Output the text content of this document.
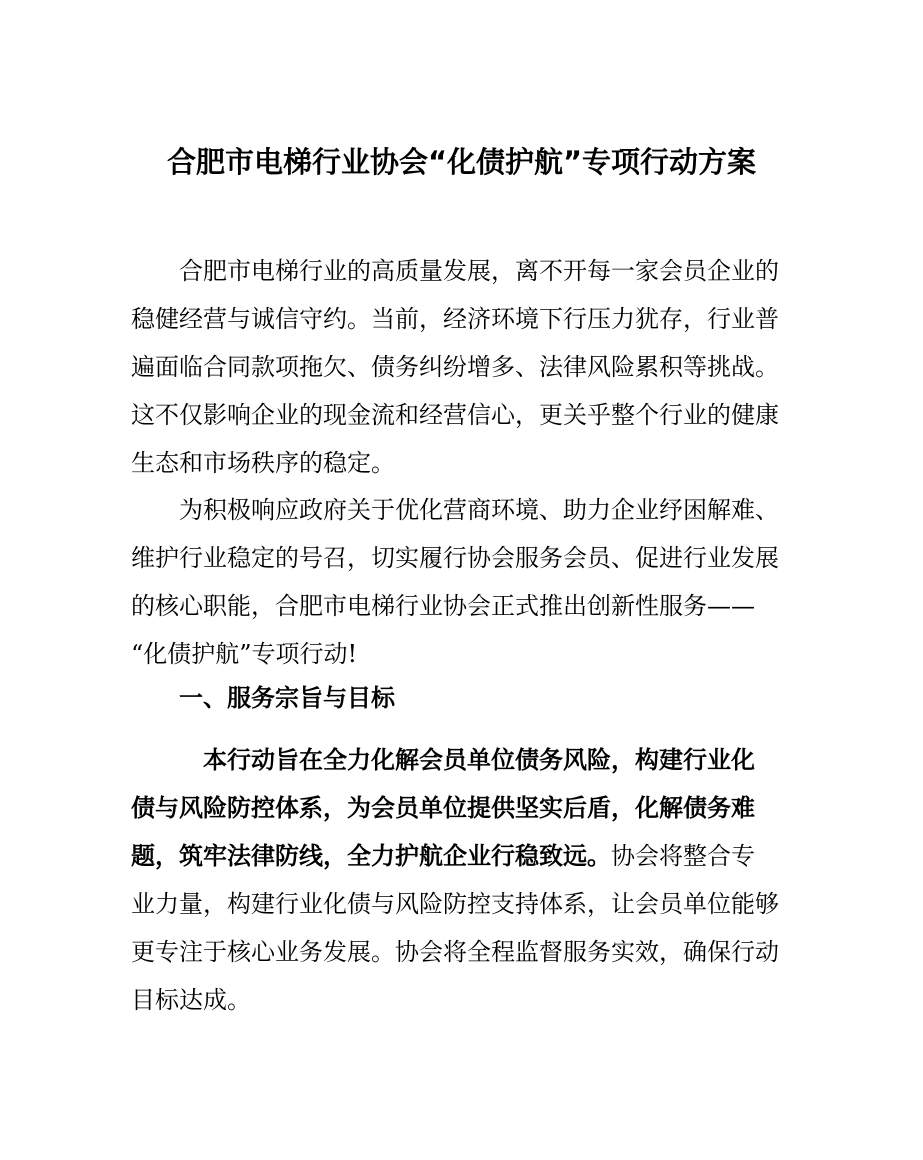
合肥市电梯行业协会“化债护航”专项行动方案
合肥市电梯行业的高质量发展，离不开每一家会员企业的
稳健经营与诚信守约。当前，经济环境下行压力犹存，行业普
遍面临合同款项拖欠、债务纠纷增多、法律风险累积等挑战。
这不仅影响企业的现金流和经营信心，更关乎整个行业的健康
生态和市场秩序的稳定。
为积极响应政府关于优化营商环境、助力企业纾困解难、
维护行业稳定的号召，切实履行协会服务会员、促进行业发展
的核心职能，合肥市电梯行业协会正式推出创新性服务——
“化债护航”专项行动!
一、服务宗旨与目标
本行动旨在全力化解会员单位债务风险，构建行业化
债与风险防控体系，为会员单位提供坚实后盾，化解债务难
题，筑牢法律防线，全力护航企业行稳致远。协会将整合专
业力量，构建行业化债与风险防控支持体系，让会员单位能够
更专注于核心业务发展。协会将全程监督服务实效，确保行动
目标达成。
